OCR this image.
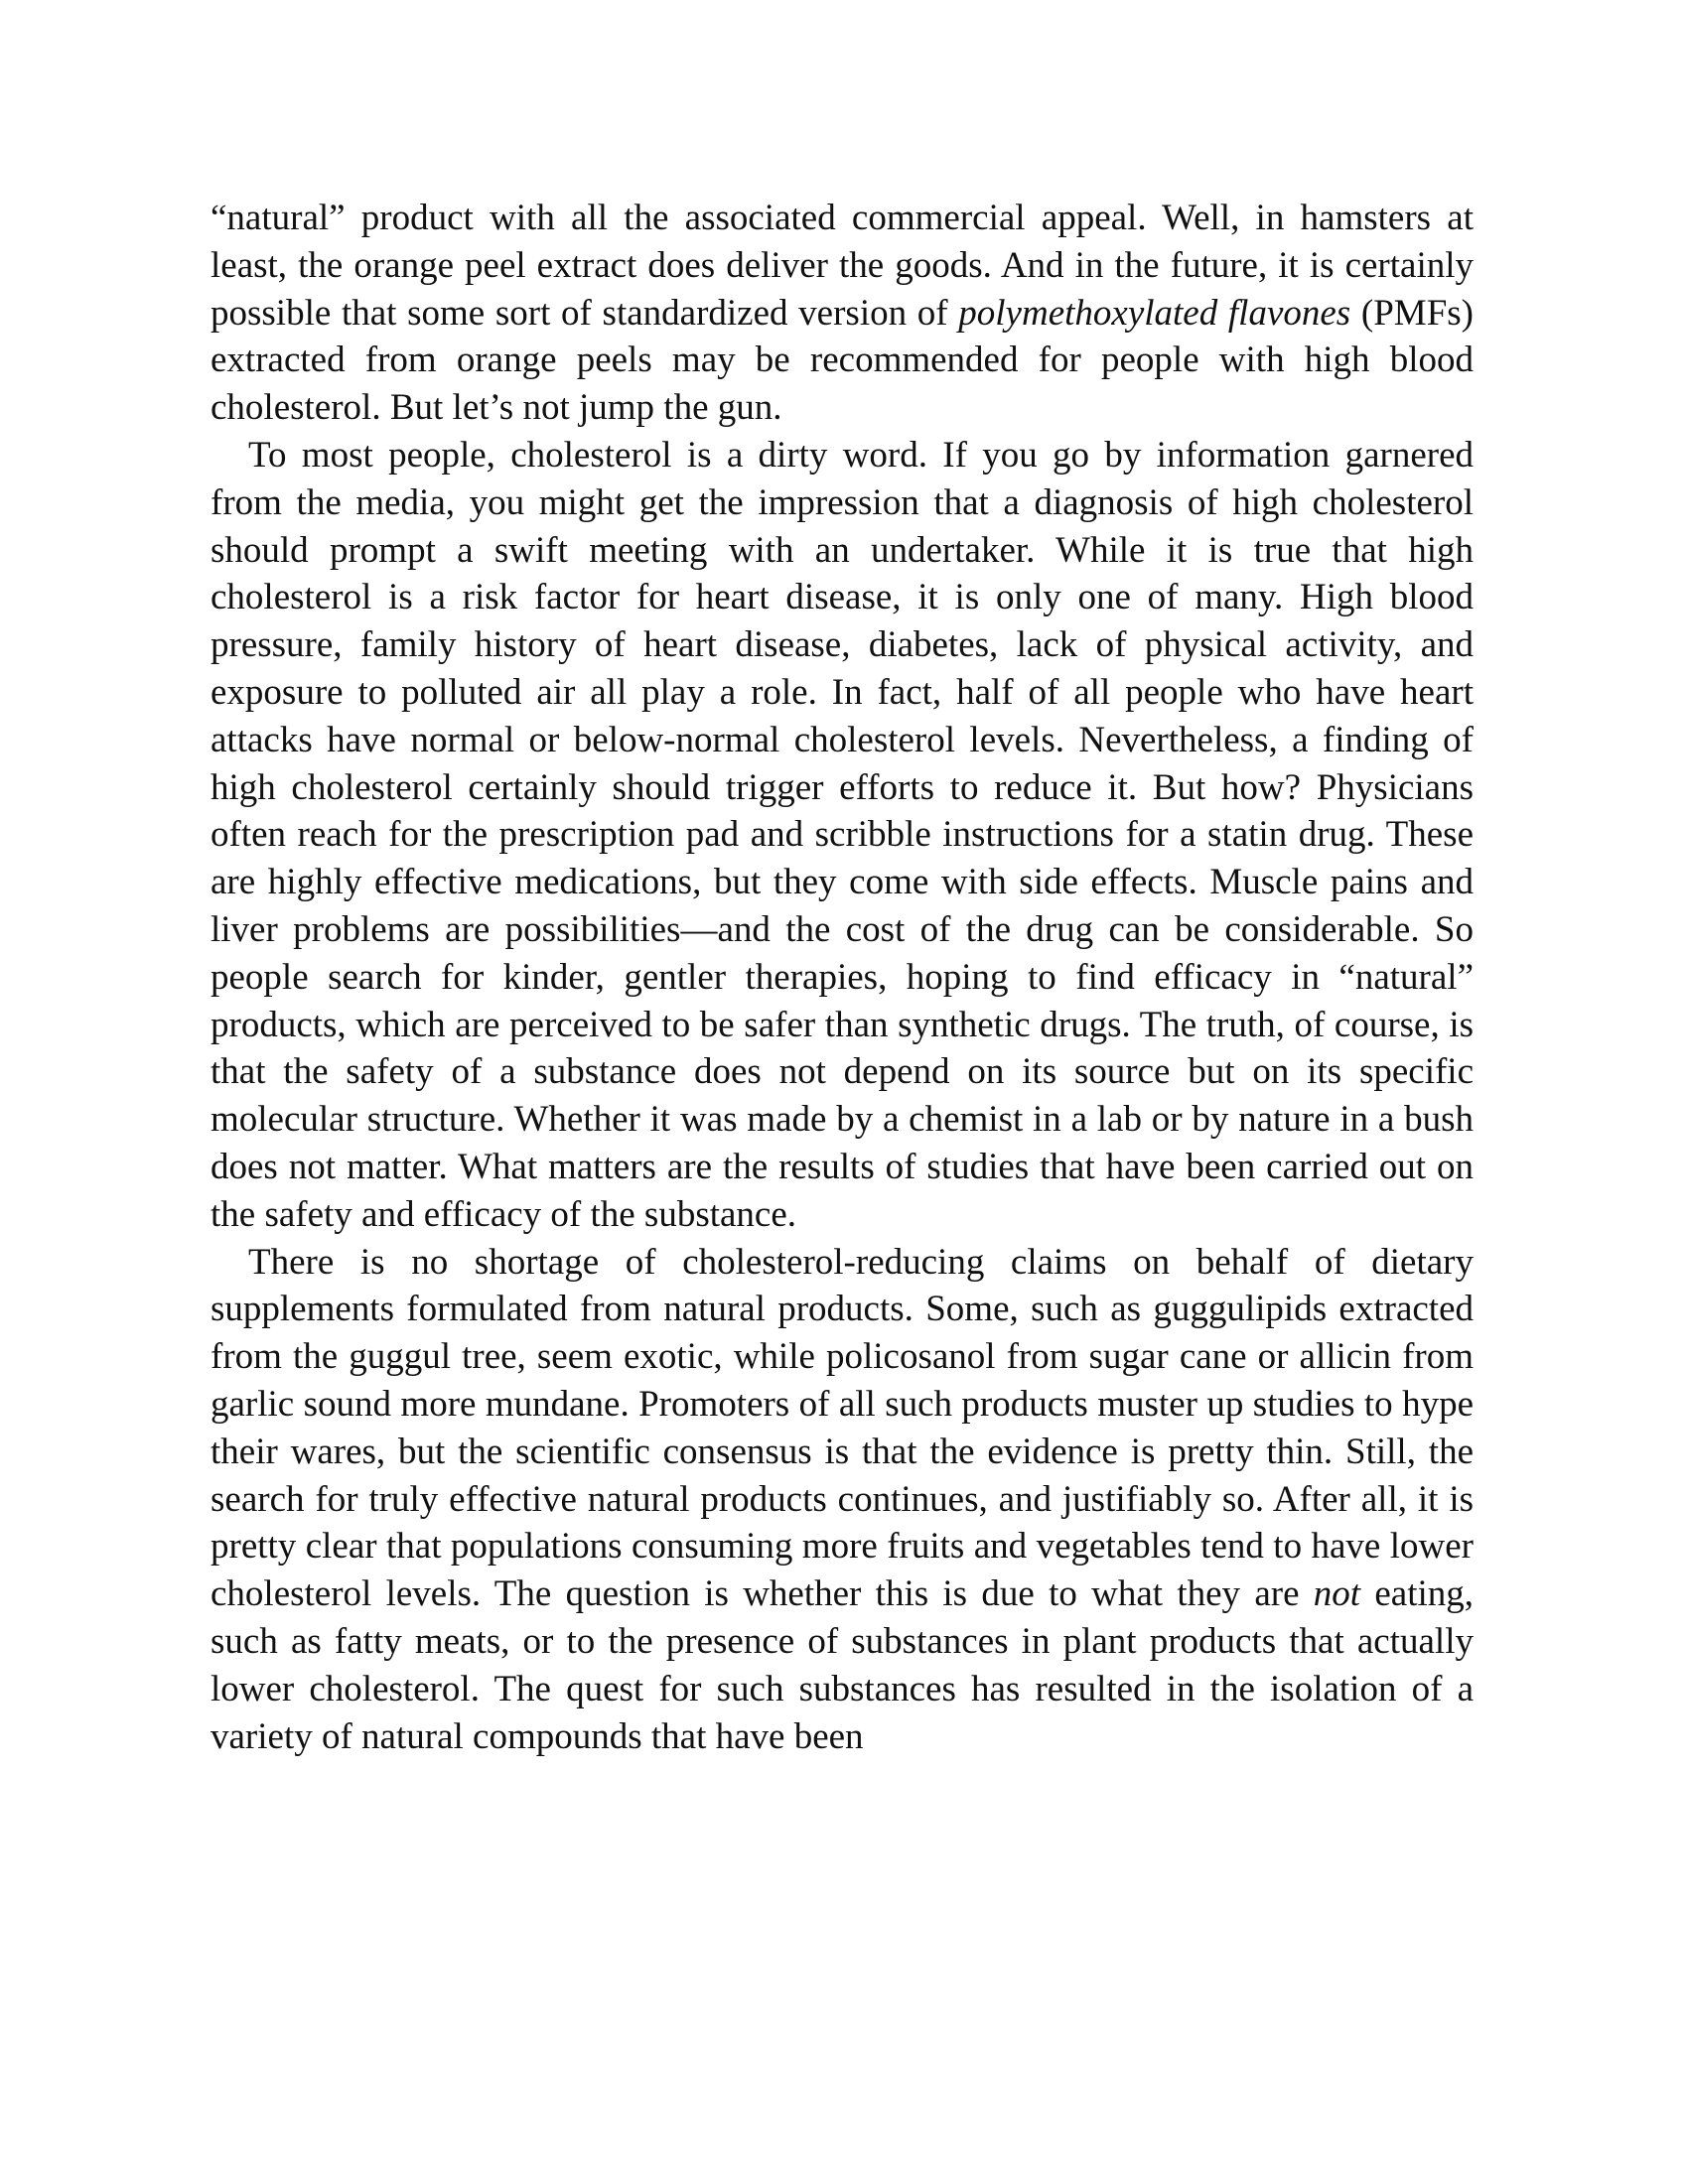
“natural” product with all the associated commercial appeal. Well, in hamsters at least, the orange peel extract does deliver the goods. And in the future, it is certainly possible that some sort of standardized version of polymethoxylated flavones (PMFs) extracted from orange peels may be recommended for people with high blood cholesterol. But let’s not jump the gun.

To most people, cholesterol is a dirty word. If you go by information garnered from the media, you might get the impression that a diagnosis of high cholesterol should prompt a swift meeting with an undertaker. While it is true that high cholesterol is a risk factor for heart disease, it is only one of many. High blood pressure, family history of heart disease, diabetes, lack of physical activity, and exposure to polluted air all play a role. In fact, half of all people who have heart attacks have normal or below-normal cholesterol levels. Nevertheless, a finding of high cholesterol certainly should trigger efforts to reduce it. But how? Physicians often reach for the prescription pad and scribble instructions for a statin drug. These are highly effective medications, but they come with side effects. Muscle pains and liver problems are possibilities—and the cost of the drug can be considerable. So people search for kinder, gentler therapies, hoping to find efficacy in “natural” products, which are perceived to be safer than synthetic drugs. The truth, of course, is that the safety of a substance does not depend on its source but on its specific molecular structure. Whether it was made by a chemist in a lab or by nature in a bush does not matter. What matters are the results of studies that have been carried out on the safety and efficacy of the substance.

There is no shortage of cholesterol-reducing claims on behalf of dietary supplements formulated from natural products. Some, such as guggulipids extracted from the guggul tree, seem exotic, while policosanol from sugar cane or allicin from garlic sound more mundane. Promoters of all such products muster up studies to hype their wares, but the scientific consensus is that the evidence is pretty thin. Still, the search for truly effective natural products continues, and justifiably so. After all, it is pretty clear that populations consuming more fruits and vegetables tend to have lower cholesterol levels. The question is whether this is due to what they are not eating, such as fatty meats, or to the presence of substances in plant products that actually lower cholesterol. The quest for such substances has resulted in the isolation of a variety of natural compounds that have been
